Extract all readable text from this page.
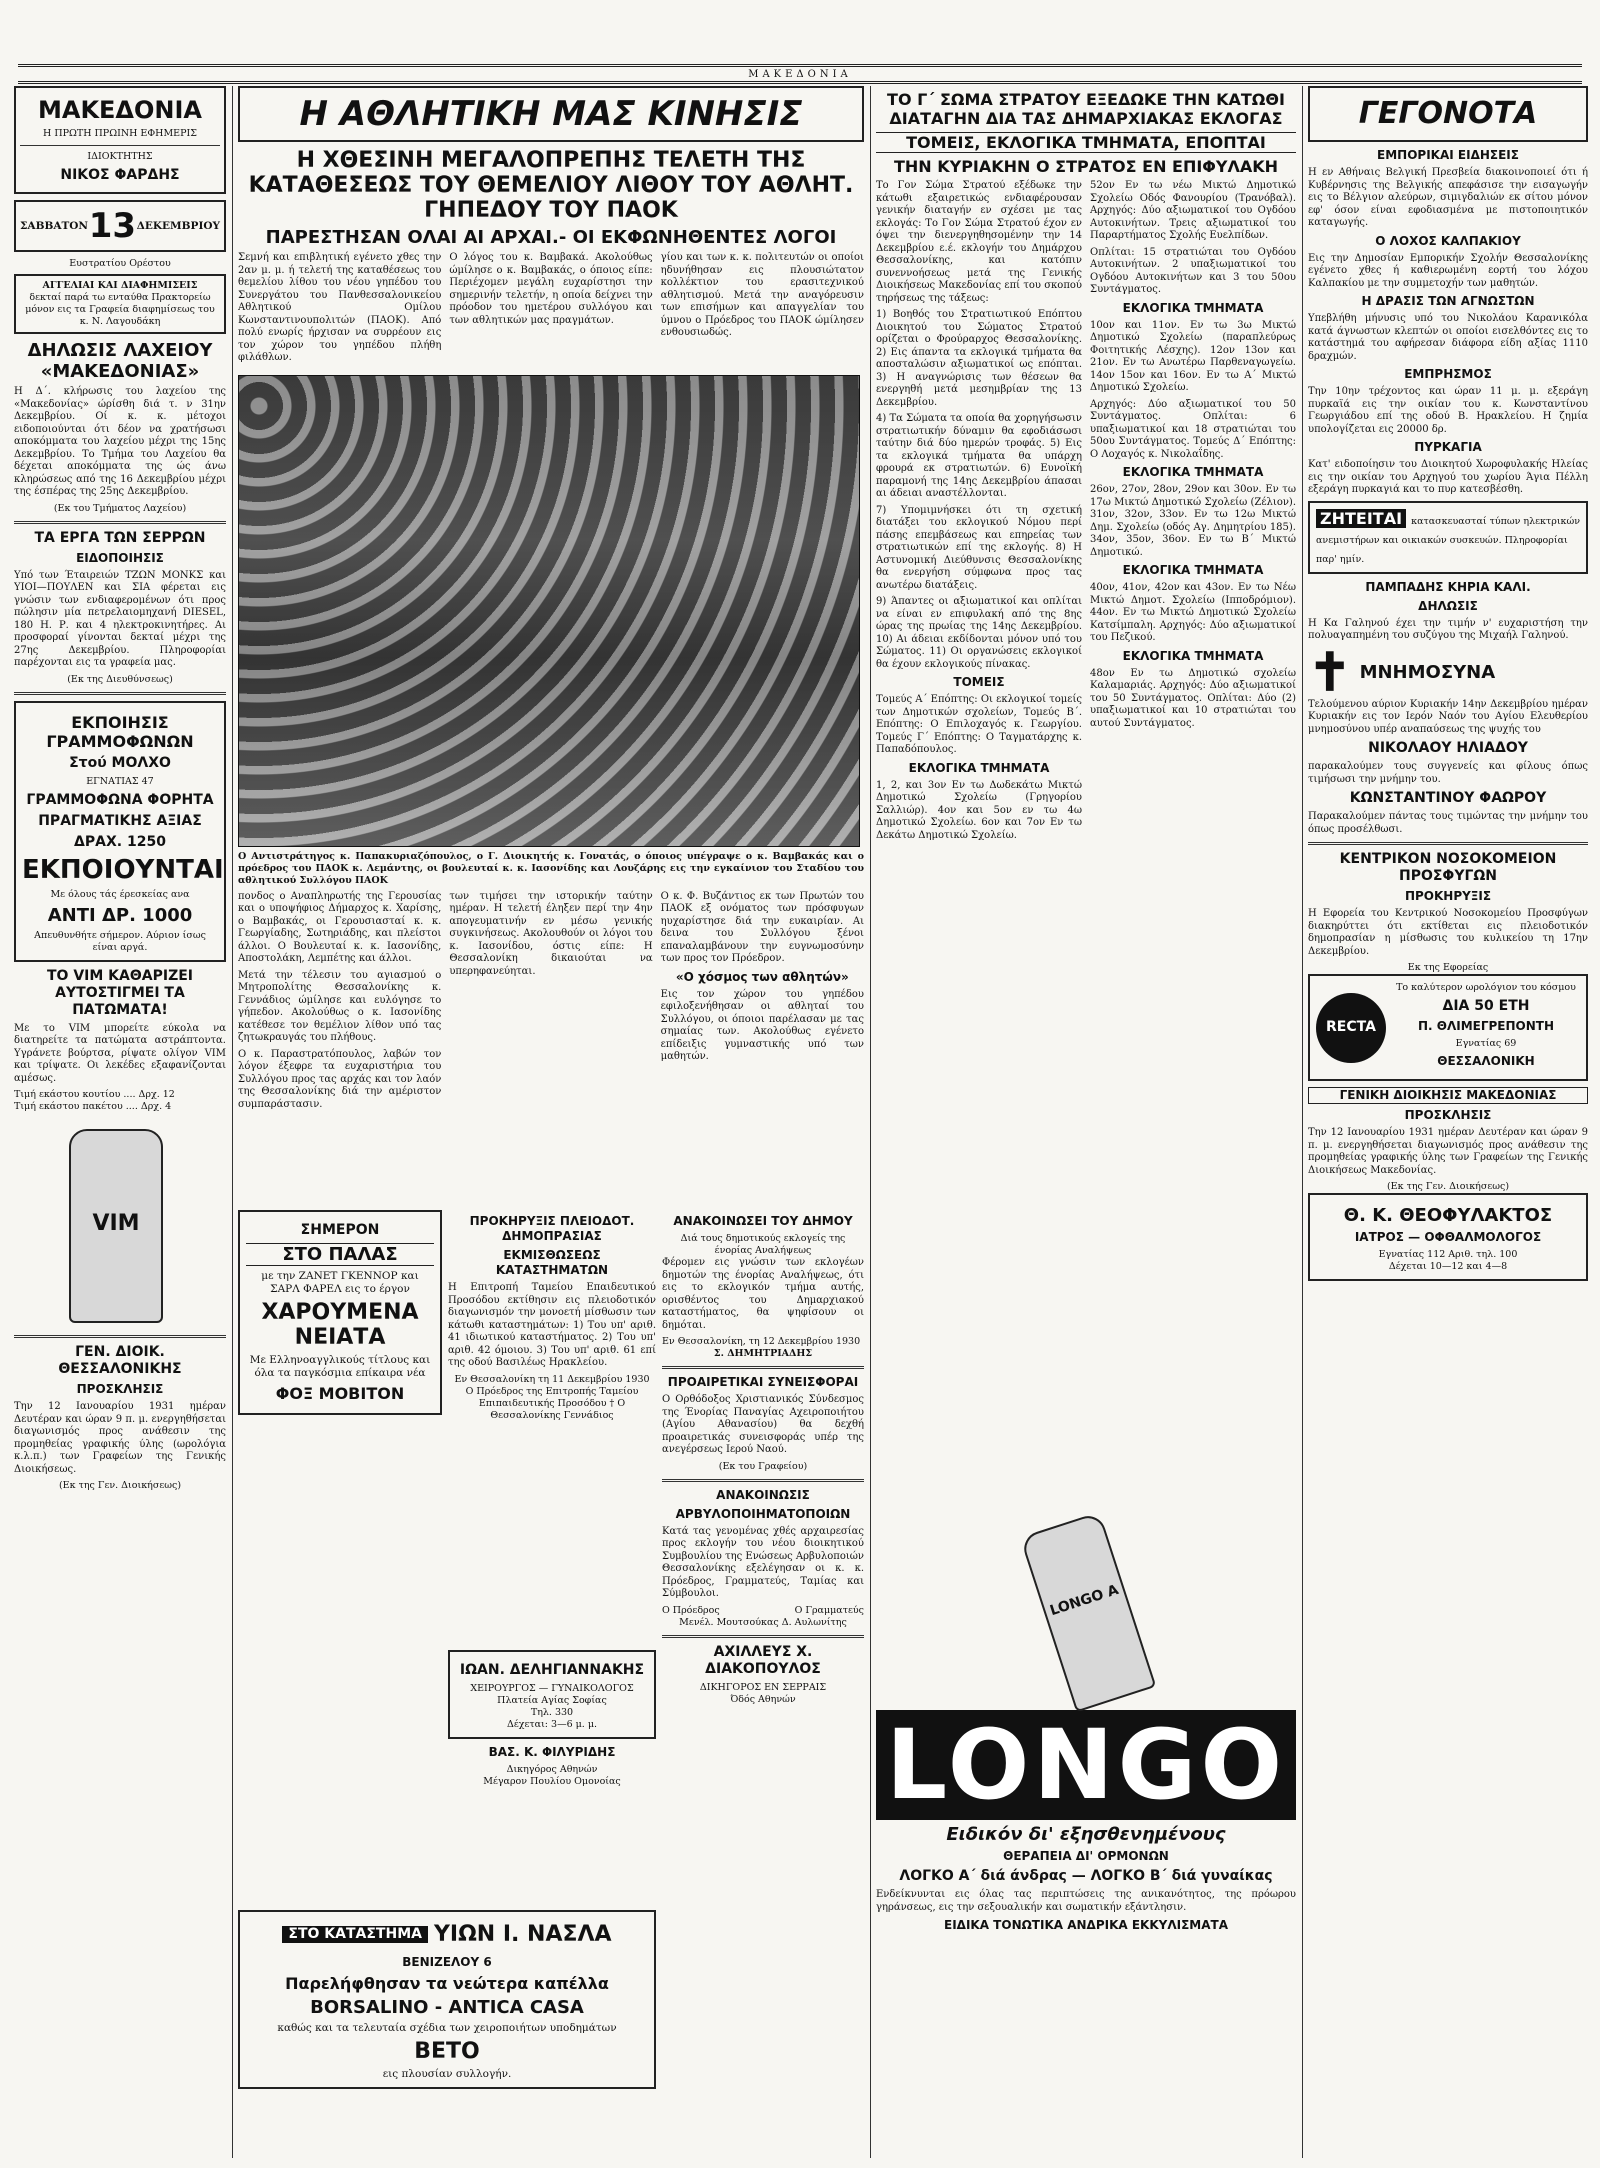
ΜΑΚΕΔΟΝΙΑ
ΜΑΚΕΔΟΝΙΑ
Η ΠΡΩΤΗ ΠΡΩΙΝΗ ΕΦΗΜΕΡΙΣ
ΙΔΙΟΚΤΗΤΗΣ
ΝΙΚΟΣ ΦΑΡΔΗΣ
ΣΑΒΒΑΤΟΝ 13 ΔΕΚΕΜΒΡΙΟΥ
Ευστρατίου Ορέστου
ΑΓΓΕΛΙΑΙ ΚΑΙ ΔΙΑΦΗΜΙΣΕΙΣ
δεκταί παρά τω ενταύθα Πρακτορείω μόνον εις τα Γραφεία διαφημίσεως του κ. Ν. Λαγουδάκη
ΔΗΛΩΣΙΣ ΛΑΧΕΙΟΥ «ΜΑΚΕΔΟΝΙΑΣ»

Η Δ΄. κλήρωσις του λαχείου της «Μακεδονίας» ώρίσθη διά τ. ν 31ην Δεκεμβρίου. Οί κ. κ. μέτοχοι ειδοποιούνται ότι δέον να χρατήσωσι αποκόμματα του λαχείου μέχρι της 15ης Δεκεμβρίου. Το Τμήμα του Λαχείου θα δέχεται αποκόμματα της ώς άνω κληρώσεως από της 16 Δεκεμβρίου μέχρι της έσπέρας της 25ης Δεκεμβρίου.

(Εκ του Τμήματος Λαχείου)
ΤΑ ΕΡΓΑ ΤΩΝ ΣΕΡΡΩΝ
ΕΙΔΟΠΟΙΗΣΙΣ

Υπό των Έταιρειών ΤΖΩΝ ΜΟΝΚΣ και ΥΙΟΙ—ΠΟΥΛΕΝ και ΣΙΑ φέρεται εις γνώσιν των ενδιαφερομένων ότι προς πώλησιν μία πετρελαιομηχανή DIESEL, 180 Η. Ρ. και 4 ηλεκτροκινητήρες. Αι προσφοραί γίνονται δεκταί μέχρι της 27ης Δεκεμβρίου. Πληροφορίαι παρέχονται εις τα γραφεία μας.

(Εκ της Διευθύνσεως)
ΕΚΠΟΙΗΣΙΣ ΓΡΑΜΜΟΦΩΝΩΝ
Στού ΜΟΛΧΟ
ΕΓΝΑΤΙΑΣ 47
ΓΡΑΜΜΟΦΩΝΑ ΦΟΡΗΤΑ
ΠΡΑΓΜΑΤΙΚΗΣ ΑΞΙΑΣ
ΔΡΑΧ. 1250
ΕΚΠΟΙΟΥΝΤΑΙ
Με όλους τάς έρεσκείας ανα
ΑΝΤΙ ΔΡ. 1000
Απευθυνθήτε σήμερον. Αύριον ίσως είναι αργά.
ΤΟ VIM ΚΑΘΑΡΙΖΕΙ ΑΥΤΟΣΤΙΓΜΕΙ ΤΑ ΠΑΤΩΜΑΤΑ!

Με το VIM μπορείτε εύκολα να διατηρείτε τα πατώματα αστράπτοντα. Υγράνετε βούρτσα, ρίψατε ολίγον VIM και τρίψατε. Οι λεκέδες εξαφανίζονται αμέσως.

Τιμή εκάστου κουτίου .... Δρχ. 12
Τιμή εκάστου πακέτου .... Δρχ. 4
VIM
ΓΕΝ. ΔΙΟΙΚ. ΘΕΣΣΑΛΟΝΙΚΗΣ
ΠΡΟΣΚΛΗΣΙΣ

Την 12 Ιανουαρίου 1931 ημέραν Δευτέραν και ώραν 9 π. μ. ενεργηθήσεται διαγωνισμός προς ανάθεσιν της προμηθείας γραφικής ύλης (ωρολόγια κ.λ.π.) των Γραφείων της Γενικής Διοικήσεως.

(Εκ της Γεν. Διοικήσεως)
Η ΑΘΛΗΤΙΚΗ ΜΑΣ ΚΙΝΗΣΙΣ
Η ΧΘΕΣΙΝΗ ΜΕΓΑΛΟΠΡΕΠΗΣ ΤΕΛΕΤΗ ΤΗΣ ΚΑΤΑΘΕΣΕΩΣ ΤΟΥ ΘΕΜΕΛΙΟΥ ΛΙΘΟΥ ΤΟΥ ΑΘΛΗΤ. ΓΗΠΕΔΟΥ ΤΟΥ ΠΑΟΚ
ΠΑΡΕΣΤΗΣΑΝ ΟΛΑΙ ΑΙ ΑΡΧΑΙ.- ΟΙ ΕΚΦΩΝΗΘΕΝΤΕΣ ΛΟΓΟΙ

Σεμνή και επιβλητική εγένετο χθες την 2αν μ. μ. ή τελετή της καταθέσεως του θεμελίου λίθου του νέου γηπέδου του Συνεργάτου του Πανθεσσαλονικείου Αθλητικού Ομίλου Κωνσταντινουπολιτών (ΠΑΟΚ). Από πολύ ενωρίς ήρχισαν να συρρέουν εις τον χώρον του γηπέδου πλήθη φιλάθλων.

Ο λόγος του κ. Βαμβακά. Ακολούθως ώμίλησε ο κ. Βαμβακάς, ο όποιος είπε: Περιέχομεν μεγάλη ευχαρίστησι την σημερινήν τελετήν, η οποία δείχνει την πρόοδον του ημετέρου συλλόγου και των αθλητικών μας πραγμάτων.

γίου και των κ. κ. πολιτευτών οι οποίοι ηδυνήθησαν εις πλουσιώτατον κολλέκτιον του ερασιτεχνικού αθλητισμού. Μετά την αναγόρευσιν των επισήμων και απαγγελίαν του ύμνου ο Πρόεδρος του ΠΑΟΚ ώμίλησεν ενθουσιωδώς.

Ο Αντιστράτηγος κ. Παπακυριαζόπουλος, ο Γ. Διοικητής κ. Γονατάς, ο όποιος υπέγραψε ο κ. Βαμβακάς και ο πρόεδρος του ΠΑΟΚ κ. Λεμάντης, οι βουλευταί κ. κ. Ιασονίδης και Λουζάρης εις την εγκαίνιον του Σταδίου του αθλητικού Συλλόγου ΠΑΟΚ

πονδος ο Αναπληρωτής της Γερουσίας και ο υποψήφιος Δήμαρχος κ. Χαρίσης, ο Βαμβακάς, οι Γερουσιασταί κ. κ. Γεωργίαδης, Σωτηριάδης, και πλείστοι άλλοι. Ο Βουλευταί κ. κ. Ιασονίδης, Αποστολάκη, Λεμπέτης και άλλοι.

Μετά την τέλεσιν του αγιασμού ο Μητροπολίτης Θεσσαλονίκης κ. Γεννάδιος ώμίλησε και ευλόγησε το γήπεδον. Ακολούθως ο κ. Ιασονίδης κατέθεσε τον θεμέλιον λίθον υπό τας ζητωκραυγάς του πλήθους.

Ο κ. Παραστρατόπουλος, λαβών τον λόγον έξεφρε τα ευχαριστήρια του Συλλόγου προς τας αρχάς και τον λαόν της Θεσσαλονίκης διά την αμέριστον συμπαράστασιν.

των τιμήσει την ιστορικήν ταύτην ημέραν. Η τελετή έληξεν περί την 4ην απογευματινήν εν μέσω γενικής συγκινήσεως. Ακολουθούν οι λόγοι του κ. Ιασονίδου, όστις είπε: Η Θεσσαλονίκη δικαιούται να υπερηφανεύηται.

Ο κ. Φ. Βυζάντιος εκ των Πρωτών του ΠΑΟΚ εξ ονόματος των πρόσφυγων ηυχαρίστησε διά την ευκαιρίαν. Αι δεινα του Συλλόγου ξένοι επαναλαμβάνουν την ευγνωμοσύνην των προς τον Πρόεδρον.

«Ο χόσμος των αθλητών»

Εις τον χώρον του γηπέδου εφιλοξενήθησαν οι αθληταί του Συλλόγου, οι όποιοι παρέλασαν με τας σημαίας των. Ακολούθως εγένετο επίδειξις γυμναστικής υπό των μαθητών.

ΣΗΜΕΡΟΝ
ΣΤΟ ΠΑΛΑΣ
με την ΖΑΝΕΤ ΓΚΕΝΝΟΡ και ΣΑΡΛ ΦΑΡΕΛ εις το έργον
ΧΑΡΟΥΜΕΝΑ ΝΕΙΑΤΑ
Με Ελληνοαγγλικούς τίτλους και όλα τα παγκόσμια επίκαιρα νέα
ΦΟΞ ΜΟΒΙΤΟΝ
ΠΡΟΚΗΡΥΞΙΣ ΠΛΕΙΟΔΟΤ. ΔΗΜΟΠΡΑΣΙΑΣ
ΕΚΜΙΣΘΩΣΕΩΣ ΚΑΤΑΣΤΗΜΑΤΩΝ

Η Επιτροπή Ταμείου Επαιδευτικού Προσόδου εκτίθησιν εις πλειοδοτικόν διαγωνισμόν την μονοετή μίσθωσιν των κάτωθι καταστημάτων: 1) Του υπ' αριθ. 41 ιδιωτικού καταστήματος. 2) Του υπ' αριθ. 42 όμοιου. 3) Του υπ' αριθ. 61 επί της οδού Βασιλέως Ηρακλείου.

Εν Θεσσαλονίκη τη 11 Δεκεμβρίου 1930
Ο Πρόεδρος της Επιτροπής Ταμείου Επιπαιδευτικής Προσόδου † Ο Θεσσαλονίκης Γεννάδιος
ΙΩΑΝ. ΔΕΛΗΓΙΑΝΝΑΚΗΣ
ΧΕΙΡΟΥΡΓΟΣ — ΓΥΝΑΙΚΟΛΟΓΟΣ
Πλατεία Αγίας Σοφίας
Τηλ. 330
Δέχεται: 3—6 μ. μ.
ΒΑΣ. Κ. ΦΙΛΥΡΙΔΗΣ
Δικηγόρος Αθηνών
Μέγαρον Πουλίου Ομονοίας
ΣΤΟ ΚΑΤΑΣΤΗΜΑ ΥΙΩΝ Ι. ΝΑΣΛΑ
ΒΕΝΙΖΕΛΟΥ 6
Παρελήφθησαν τα νεώτερα καπέλλα
BORSALINO - ANTICA CASA
καθώς και τα τελευταία σχέδια των χειροποιήτων υποδημάτων
ΒΕΤΟ
εις πλουσίαν συλλογήν.
ΤΟ Γ΄ ΣΩΜΑ ΣΤΡΑΤΟΥ ΕΞΕΔΩΚΕ ΤΗΝ ΚΑΤΩΘΙ ΔΙΑΤΑΓΗΝ ΔΙΑ ΤΑΣ ΔΗΜΑΡΧΙΑΚΑΣ ΕΚΛΟΓΑΣ
ΤΟΜΕΙΣ, ΕΚΛΟΓΙΚΑ ΤΜΗΜΑΤΑ, ΕΠΟΠΤΑΙ
ΤΗΝ ΚΥΡΙΑΚΗΝ Ο ΣΤΡΑΤΟΣ ΕΝ ΕΠΙΦΥΛΑΚΗ

Το Γον Σώμα Στρατού εξέδωκε την κάτωθι εξαιρετικώς ενδιαφέρουσαν γενικήν διαταγήν εν σχέσει με τας εκλογάς: Το Γον Σώμα Στρατού έχον εν όψει την διενεργηθησομένην την 14 Δεκεμβρίου ε.έ. εκλογήν του Δημάρχου Θεσσαλονίκης, και κατόπιν συνεννοήσεως μετά της Γενικής Διοικήσεως Μακεδονίας επί του σκοπού τηρήσεως της τάξεως:

1) Βοηθός του Στρατιωτικού Επόπτου Διοικητού του Σώματος Στρατού ορίζεται ο Φρούραρχος Θεσσαλονίκης. 2) Εις άπαντα τα εκλογικά τμήματα θα αποσταλώσιν αξιωματικοί ως επόπται. 3) Η αναγνώρισις των θέσεων θα ενεργηθή μετά μεσημβρίαν της 13 Δεκεμβρίου.

4) Τα Σώματα τα οποία θα χορηγήσωσιν στρατιωτικήν δύναμιν θα εφοδιάσωσι ταύτην διά δύο ημερών τροφάς. 5) Εις τα εκλογικά τμήματα θα υπάρχη φρουρά εκ στρατιωτών. 6) Ευνοϊκή παραμονή της 14ης Δεκεμβρίου άπασαι αι άδειαι αναστέλλονται.

7) Υπομιμνήσκει ότι τη σχετική διατάξει του εκλογικού Νόμου περί πάσης επεμβάσεως και επηρείας των στρατιωτικών επί της εκλογής. 8) Η Αστυνομική Διεύθυνσις Θεσσαλονίκης θα ενεργήση σύμφωνα προς τας ανωτέρω διατάξεις.

9) Άπαντες οι αξιωματικοί και οπλίται να είναι εν επιφυλακή από της 8ης ώρας της πρωίας της 14ης Δεκεμβρίου. 10) Αι άδειαι εκδίδονται μόνον υπό του Σώματος. 11) Οι οργανώσεις εκλογικοί θα έχουν εκλογικούς πίνακας.

ΤΟΜΕΙΣ

Τομεύς Α΄ Επόπτης: Οι εκλογικοί τομείς των Δημοτικών σχολείων, Τομεύς Β΄. Επόπτης: Ο Επιλοχαγός κ. Γεωργίου. Τομεύς Γ΄ Επόπτης: Ο Ταγματάρχης κ. Παπαδόπουλος.

ΕΚΛΟΓΙΚΑ ΤΜΗΜΑΤΑ

1, 2, και 3ον Εν τω Δωδεκάτω Μικτώ Δημοτικώ Σχολείω (Γρηγορίου Σαλλιώρ). 4ον και 5ον εν τω 4ω Δημοτικώ Σχολείω. 6ον και 7ον Εν τω Δεκάτω Δημοτικώ Σχολείω.

52ον Εν τω νέω Μικτώ Δημοτικώ Σχολείω Οδός Φανουρίου (Τρανόβαλ). Αρχηγός: Δύο αξιωματικοί του Ογδόου Αυτοκινήτων. Τρεις αξιωματικοί του Παραρτήματος Σχολής Ευελπίδων.

Οπλίται: 15 στρατιώται του Ογδόου Αυτοκινήτων. 2 υπαξιωματικοί του Ογδόου Αυτοκινήτων και 3 του 50ου Συντάγματος.

ΕΚΛΟΓΙΚΑ ΤΜΗΜΑΤΑ

10ον και 11ον. Εν τω 3ω Μικτώ Δημοτικώ Σχολείω (παραπλεύρως Φοιτητικής Λέσχης). 12ον 13ον και 21ον. Εν τω Ανωτέρω Παρθεναγωγείω. 14ον 15ον και 16ον. Εν τω Α΄ Μικτώ Δημοτικώ Σχολείω.

Αρχηγός: Δύο αξιωματικοί του 50 Συντάγματος. Οπλίται: 6 υπαξιωματικοί και 18 στρατιώται του 50ου Συντάγματος. Τομεύς Δ΄ Επόπτης: Ο Λοχαγός κ. Νικολαΐδης.

ΕΚΛΟΓΙΚΑ ΤΜΗΜΑΤΑ

26ον, 27ον, 28ον, 29ον και 30ον. Εν τω 17ω Μικτώ Δημοτικώ Σχολείω (Ζέλιον). 31ον, 32ον, 33ον. Εν τω 12ω Μικτώ Δημ. Σχολείω (οδός Αγ. Δημητρίου 185). 34ον, 35ον, 36ον. Εν τω Β΄ Μικτώ Δημοτικώ.

ΕΚΛΟΓΙΚΑ ΤΜΗΜΑΤΑ

40ον, 41ον, 42ον και 43ον. Εν τω Νέω Μικτώ Δημοτ. Σχολείω (Ιπποδρόμιον). 44ον. Εν τω Μικτώ Δημοτικώ Σχολείω Κατσίμπαλη. Αρχηγός: Δύο αξιωματικοί του Πεζικού.

ΕΚΛΟΓΙΚΑ ΤΜΗΜΑΤΑ

48ον Εν τω Δημοτικώ σχολείω Καλαμαριάς. Αρχηγός: Δύο αξιωματικοί του 50 Συντάγματος. Οπλίται: Δύο (2) υπαξιωματικοί και 10 στρατιώται του αυτού Συντάγματος.

ΑΝΑΚΟΙΝΩΣΕΙ ΤΟΥ ΔΗΜΟΥ
Διά τους δημοτικούς εκλογείς της ένορίας Αναλήψεως

Φέρομεν εις γνώσιν των εκλογέων δημοτών της ένορίας Αναλήψεως, ότι εις το εκλογικόν τμήμα αυτής, ορισθέντος του Δημαρχιακού καταστήματος, θα ψηφίσουν οι δημόται.

Εν Θεσσαλονίκη, τη 12 Δεκεμβρίου 1930
Σ. ΔΗΜΗΤΡΙΑΔΗΣ
ΠΡΟΑΙΡΕΤΙΚΑΙ ΣΥΝΕΙΣΦΟΡΑΙ

Ο Ορθόδοξος Χριστιανικός Σύνδεσμος της Ένορίας Παναγίας Αχειροποιήτου (Αγίου Αθανασίου) θα δεχθή προαιρετικάς συνεισφοράς υπέρ της ανεγέρσεως Ιερού Ναού.

(Εκ του Γραφείου)
ΑΝΑΚΟΙΝΩΣΙΣ
ΑΡΒΥΛΟΠΟΙΗΜΑΤΟΠΟΙΩΝ

Κατά τας γενομένας χθές αρχαιρεσίας προς εκλογήν του νέου διοικητικού Συμβουλίου της Ενώσεως Αρβυλοποιών Θεσσαλονίκης εξελέγησαν οι κ. κ. Πρόεδρος, Γραμματεύς, Ταμίας και Σύμβουλοι.

Ο Πρόεδρος	Ο Γραμματεύς
Μενέλ. Μουτσούκας Δ. Αυλωνίτης
ΑΧΙΛΛΕΥΣ Χ. ΔΙΑΚΟΠΟΥΛΟΣ
ΔΙΚΗΓΟΡΟΣ ΕΝ ΣΕΡΡΑΙΣ
Όδός Αθηνών
LONGO A
LONGO
Ειδικόν δι' εξησθενημένους
ΘΕΡΑΠΕΙΑ ΔΙ' ΟΡΜΟΝΩΝ
ΛΟΓΚΟ Α΄ διά άνδρας — ΛΟΓΚΟ Β΄ διά γυναίκας

Ενδείκνυνται εις όλας τας περιπτώσεις της ανικανότητος, της πρόωρου γηράνσεως, εις την σεξουαλικήν και σωματικήν εξάντλησιν.

ΕΙΔΙΚΑ ΤΟΝΩΤΙΚΑ ΑΝΔΡΙΚΑ ΕΚΚΥΛΙΣΜΑΤΑ
ΓΕΓΟΝΟΤΑ
ΕΜΠΟΡΙΚΑΙ ΕΙΔΗΣΕΙΣ

Η εν Αθήναις Βελγική Πρεσβεία διακοινοποιεί ότι ή Κυβέρνησις της Βελγικής απεφάσισε την εισαγωγήν εις το Βέλγιον αλεύρων, σιμιγδαλιών εκ σίτου μόνον εφ' όσον είναι εφοδιασμένα με πιστοποιητικόν καταγωγής.

Ο ΛΟΧΟΣ ΚΑΛΠΑΚΙΟΥ

Εις την Δημοσίαν Εμπορικήν Σχολήν Θεσσαλονίκης εγένετο χθες ή καθιερωμένη εορτή του λόχου Καλπακίου με την συμμετοχήν των μαθητών.

Η ΔΡΑΣΙΣ ΤΩΝ ΑΓΝΩΣΤΩΝ

Υπεβλήθη μήνυσις υπό του Νικολάου Καρανικόλα κατά άγνωστων κλεπτών οι οποίοι εισελθόντες εις το κατάστημά του αφήρεσαν διάφορα είδη αξίας 1110 δραχμών.

ΕΜΠΡΗΣΜΟΣ

Την 10ην τρέχοντος και ώραν 11 μ. μ. εξεράγη πυρκαϊά εις την οικίαν του κ. Κωνσταντίνου Γεωργιάδου επί της οδού Β. Ηρακλείου. Η ζημία υπολογίζεται εις 20000 δρ.

ΠΥΡΚΑΓΙΑ

Κατ' ειδοποίησιν του Διοικητού Χωροφυλακής Ηλείας εις την οικίαν του Αρχηγού του χωρίου Άγια Πέλλη εξεράγη πυρκαγιά και το πυρ κατεσβέσθη.

ΖΗΤΕΙΤΑΙ κατασκευασταί τύπων ηλεκτρικών ανεμιστήρων και οικιακών συσκευών. Πληροφορίαι παρ' ημίν.
ΠΑΜΠΑΔΗΣ ΚΗΡΙΑ ΚΑΛΙ.
ΔΗΛΩΣΙΣ

Η Κα Γαληνού έχει την τιμήν ν' ευχαριστήση την πολυαγαπημένη του συζύγου της Μιχαήλ Γαληνού.

✝ ΜΝΗΜΟΣΥΝΑ

Τελούμενου αύριον Κυριακήν 14ην Δεκεμβρίου ημέραν Κυριακήν εις τον Ιερόν Ναόν του Αγίου Ελευθερίου μνημοσύνου υπέρ αναπαύσεως της ψυχής του

ΝΙΚΟΛΑΟΥ ΗΛΙΑΔΟΥ

παρακαλούμεν τους συγγενείς και φίλους όπως τιμήσωσι την μνήμην του.

ΚΩΝΣΤΑΝΤΙΝΟΥ ΦΑΩΡΟΥ

Παρακαλούμεν πάντας τους τιμώντας την μνήμην του όπως προσέλθωσι.

ΚΕΝΤΡΙΚΟΝ ΝΟΣΟΚΟΜΕΙΟΝ ΠΡΟΣΦΥΓΩΝ
ΠΡΟΚΗΡΥΞΙΣ

Η Εφορεία του Κεντρικού Νοσοκομείου Προσφύγων διακηρύττει ότι εκτίθεται εις πλειοδοτικόν δημοπρασίαν η μίσθωσις του κυλικείου τη 17ην Δεκεμβρίου.

Εκ της Εφορείας
RECTA
Το καλύτερον ωρολόγιον του κόσμου
ΔΙΑ 50 ΕΤΗ
Π. ΘΛΙΜΕΓΡΕΠΟΝΤΗ
Εγνατίας 69
ΘΕΣΣΑΛΟΝΙΚΗ
ΓΕΝΙΚΗ ΔΙΟΙΚΗΣΙΣ ΜΑΚΕΔΟΝΙΑΣ
ΠΡΟΣΚΛΗΣΙΣ

Την 12 Ιανουαρίου 1931 ημέραν Δευτέραν και ώραν 9 π. μ. ενεργηθήσεται διαγωνισμός προς ανάθεσιν της προμηθείας γραφικής ύλης των Γραφείων της Γενικής Διοικήσεως Μακεδονίας.

(Εκ της Γεν. Διοικήσεως)
Θ. Κ. ΘΕΟΦΥΛΑΚΤΟΣ
ΙΑΤΡΟΣ — ΟΦΘΑΛΜΟΛΟΓΟΣ
Εγνατίας 112 Αριθ. τηλ. 100
Δέχεται 10—12 και 4—8
